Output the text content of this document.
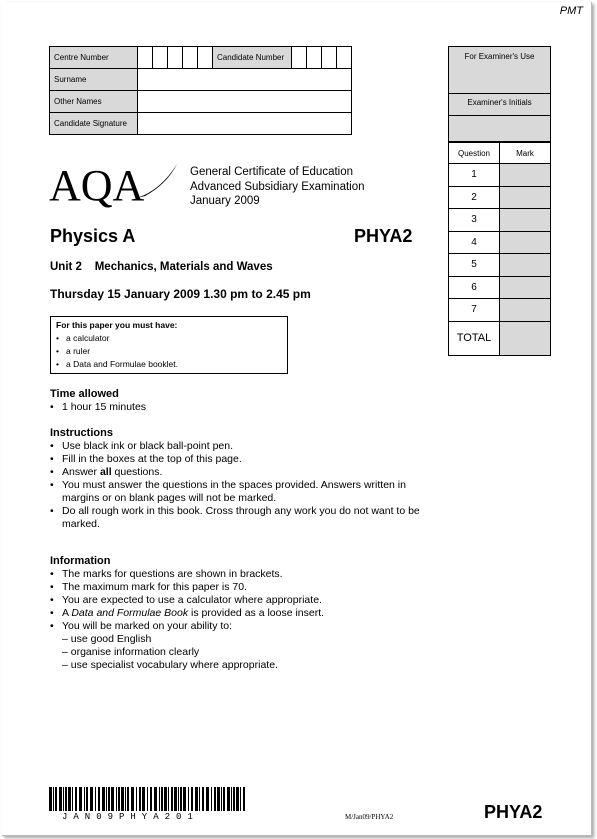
PMT
Centre Number						Candidate Number				
Surname										
Other Names										
Candidate Signature										
For Examiner's Use
Examiner's Initials
Question	Mark
1	
2	
3	
4	
5	
6	
7	
TOTAL	
AQA	General Certificate of Education
Advanced Subsidiary Examination
January 2009
Physics A	PHYA2
Unit 2    Mechanics, Materials and Waves
Thursday 15 January 2009 1.30 pm to 2.45 pm
For this paper you must have:
• a calculator
• a ruler
• a Data and Formulae booklet.
Time allowed
• 1 hour 15 minutes
Instructions
• Use black ink or black ball-point pen.
• Fill in the boxes at the top of this page.
• Answer all questions.
• You must answer the questions in the spaces provided. Answers written in margins or on blank pages will not be marked.
• Do all rough work in this book. Cross through any work you do not want to be marked.
Information
• The marks for questions are shown in brackets.
• The maximum mark for this paper is 70.
• You are expected to use a calculator where appropriate.
• A Data and Formulae Book is provided as a loose insert.
• You will be marked on your ability to:
– use good English
– organise information clearly
– use specialist vocabulary where appropriate.
JAN09PHYA201	M/Jan09/PHYA2	PHYA2
